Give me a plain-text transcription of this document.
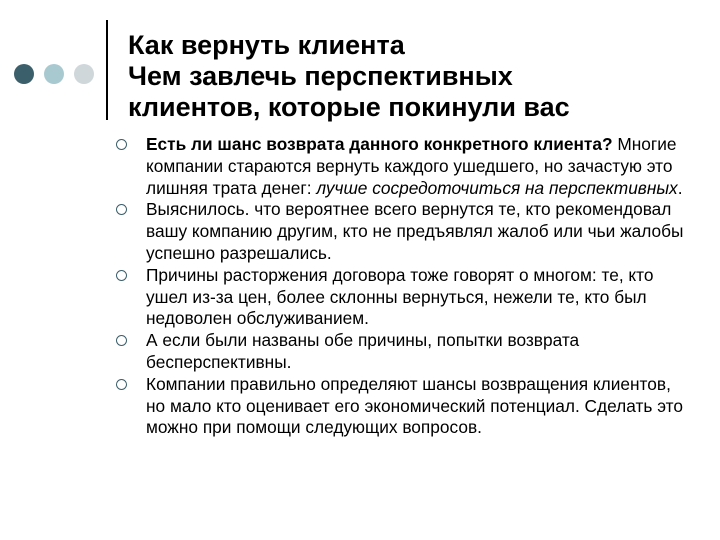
Как вернуть клиента
Чем завлечь перспективных
клиентов, которые покинули вас
Есть ли шанс возврата данного конкретного клиента? Многие компании стараются вернуть каждого ушедшего, но зачастую это лишняя трата денег: лучше сосредоточиться на перспективных.
Выяснилось. что вероятнее всего вернутся те, кто рекомендовал вашу компанию другим, кто не предъявлял жалоб или чьи жалобы успешно разрешались.
Причины расторжения договора тоже говорят о многом: те, кто ушел из-за цен, более склонны вернуться, нежели те, кто был недоволен обслуживанием.
А если были названы обе причины, попытки возврата бесперспективны.
Компании правильно определяют шансы возвращения клиентов, но мало кто оценивает его экономический потенциал. Сделать это можно при помощи следующих вопросов.
